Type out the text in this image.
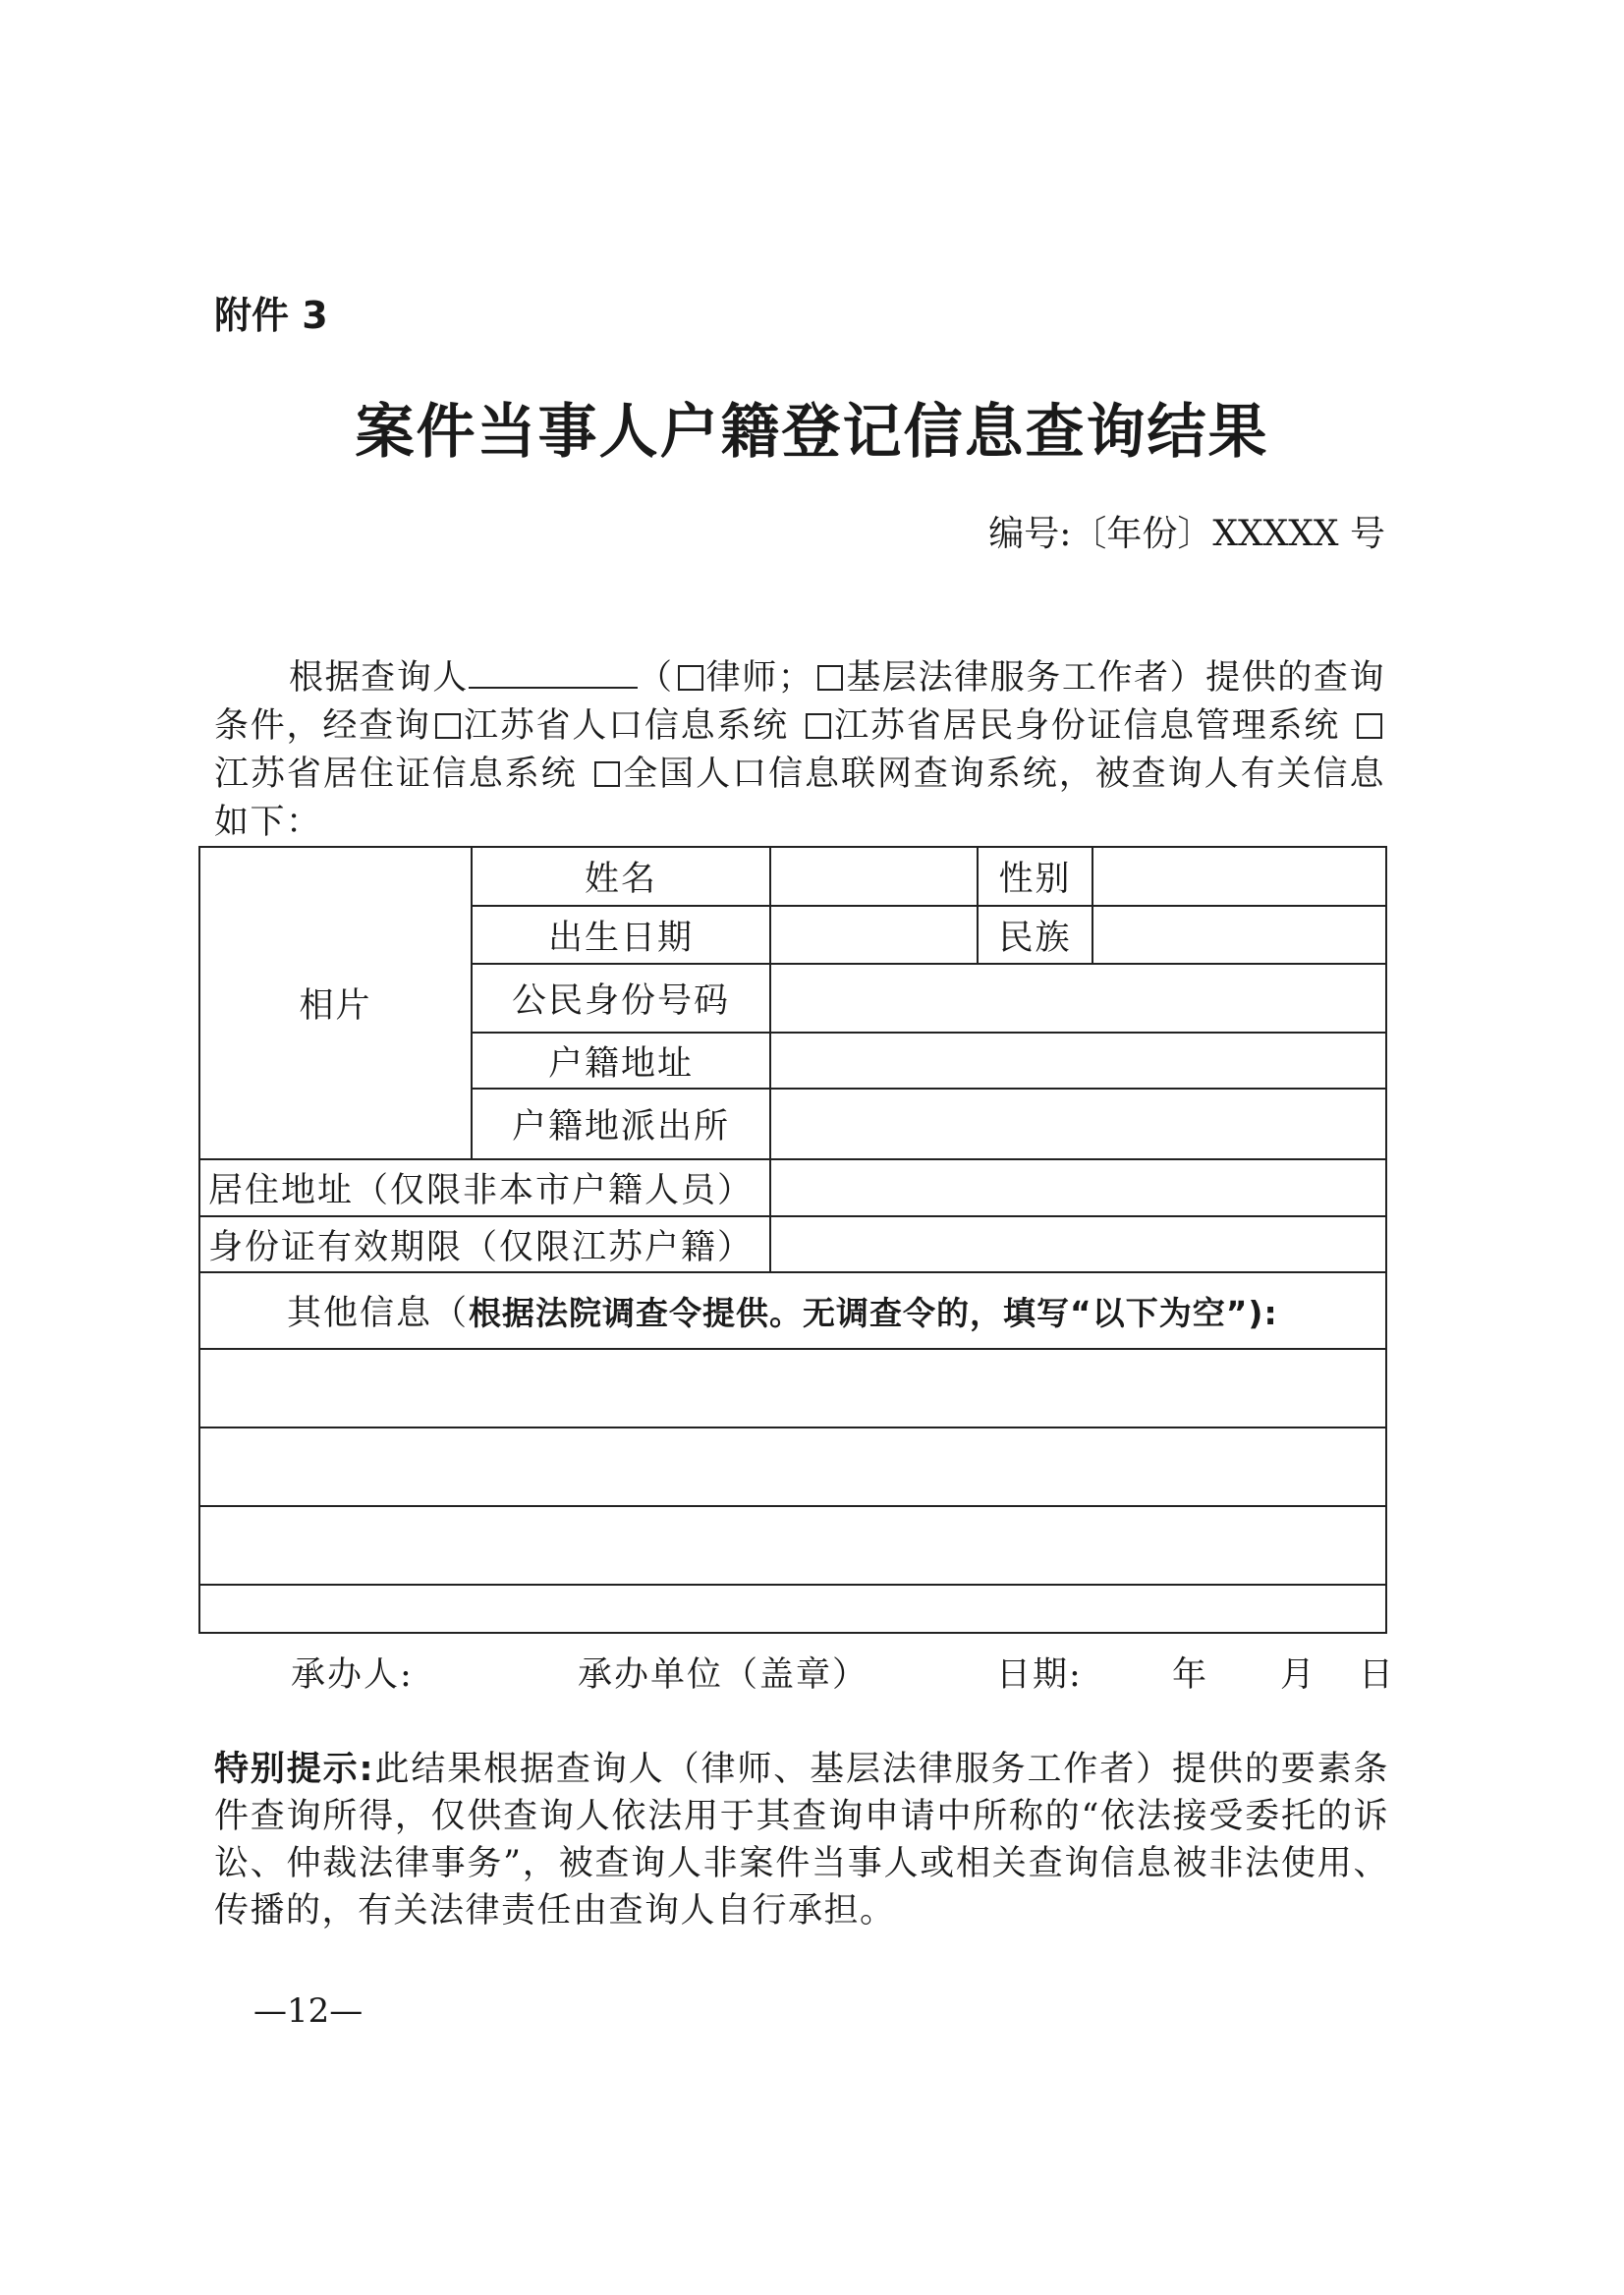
附件 3
案件当事人户籍登记信息查询结果
编号:〔年份〕XXXXX 号
根据查询人	（ 律师； 基层法律服务工作者）提供的查询条件，经查询 江苏省人口信息系统 江苏省居民身份证信息管理系统 江苏省居住证信息系统 全国人口信息联网查询系统，被查询人有关信息如下：
相片	姓名		性别	
	出生日期		民族	
	公民身份号码			
	户籍地址			
	户籍地派出所			
居住地址（仅限非本市户籍人员）				
身份证有效期限（仅限江苏户籍）				
其他信息（根据法院调查令提供。无调查令的，填写“以下为空”):				

承办人:	承办单位（盖章）	日期:	年 月 日
特别提示:此结果根据查询人（律师、基层法律服务工作者）提供的要素条件查询所得，仅供查询人依法用于其查询申请中所称的“依法接受委托的诉讼、仲裁法律事务”，被查询人非案件当事人或相关查询信息被非法使用、传播的，有关法律责任由查询人自行承担。
—12—
